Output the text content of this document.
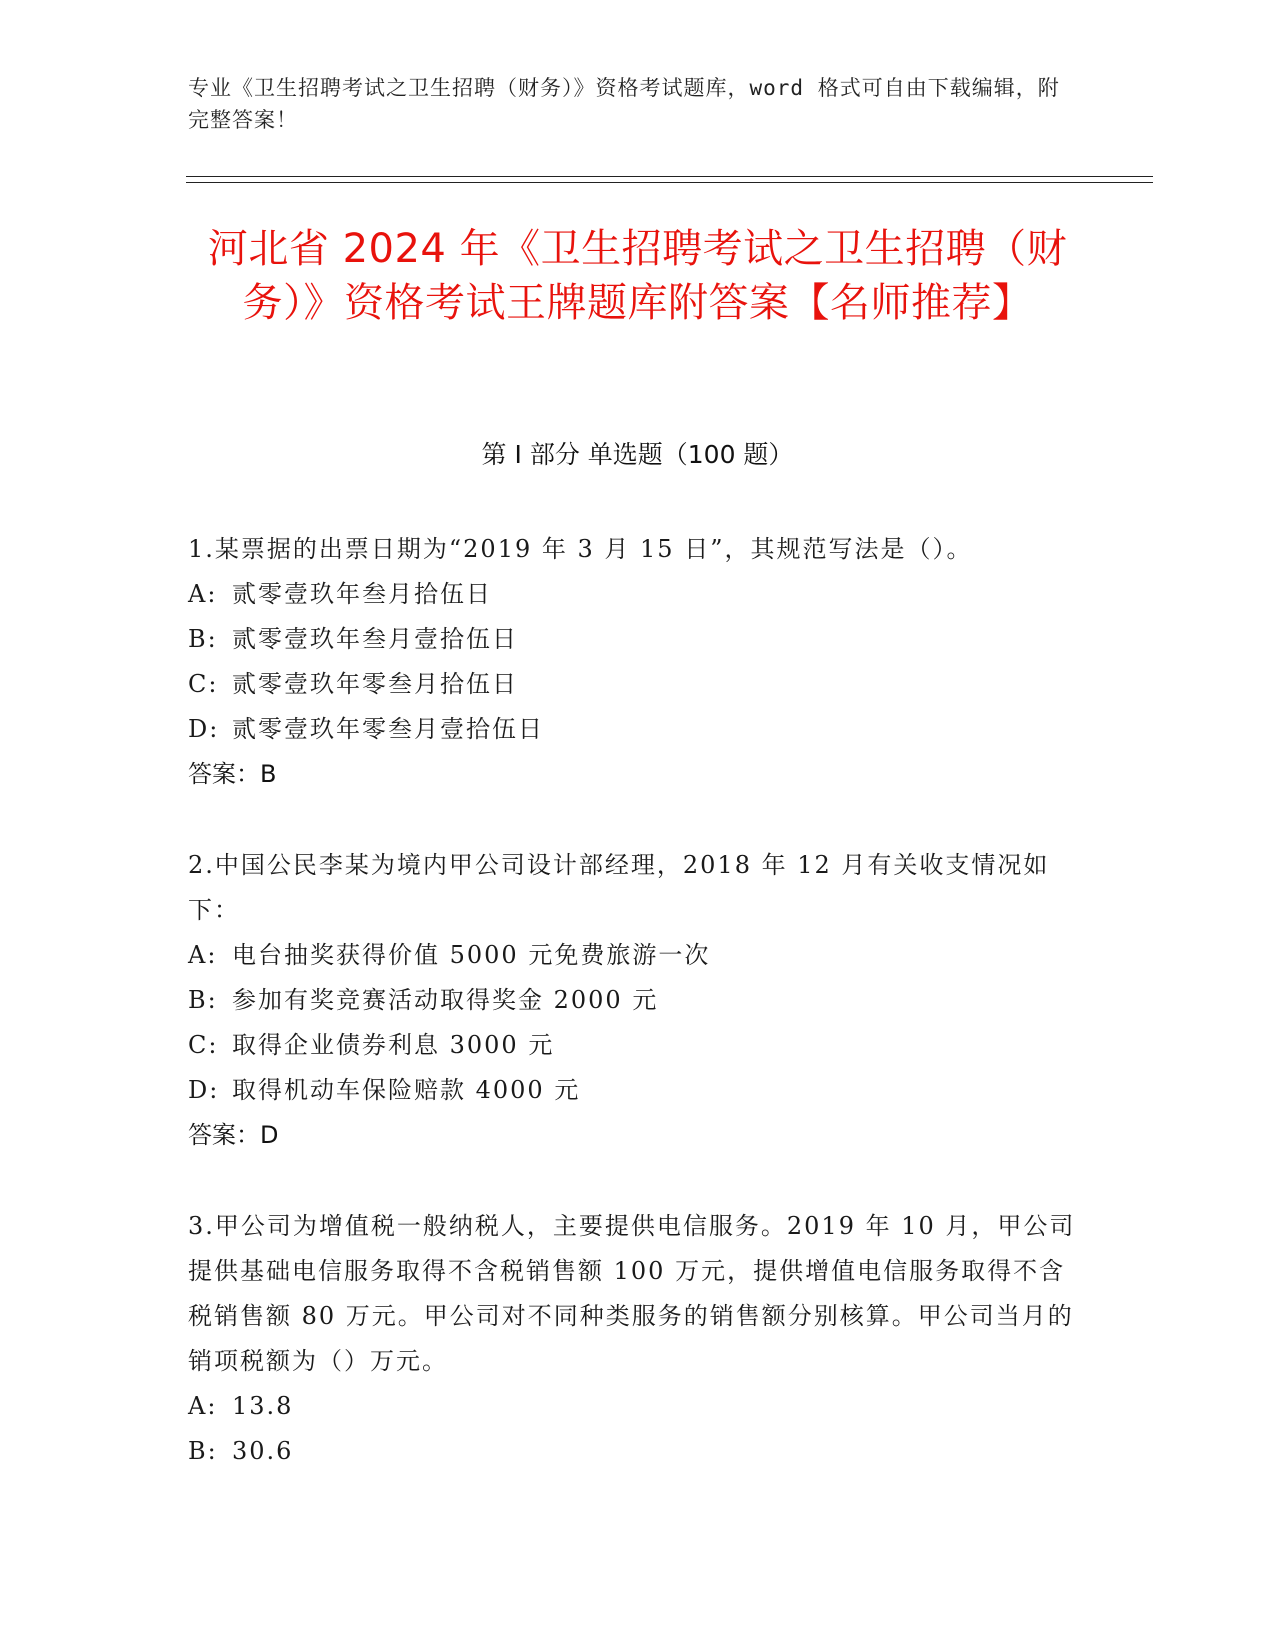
专业《卫生招聘考试之卫生招聘（财务）》资格考试题库，word 格式可自由下载编辑，附完整答案！
河北省 2024 年《卫生招聘考试之卫生招聘（财务）》资格考试王牌题库附答案【名师推荐】
第 I 部分 单选题（100 题）
1.某票据的出票日期为“2019 年 3 月 15 日”，其规范写法是（）。
A: 贰零壹玖年叁月拾伍日
B: 贰零壹玖年叁月壹拾伍日
C: 贰零壹玖年零叁月拾伍日
D: 贰零壹玖年零叁月壹拾伍日
答案：B
2.中国公民李某为境内甲公司设计部经理，2018 年 12 月有关收支情况如下：
A: 电台抽奖获得价值 5000 元免费旅游一次
B: 参加有奖竞赛活动取得奖金 2000 元
C: 取得企业债券利息 3000 元
D: 取得机动车保险赔款 4000 元
答案：D
3.甲公司为增值税一般纳税人，主要提供电信服务。2019 年 10 月，甲公司提供基础电信服务取得不含税销售额 100 万元，提供增值电信服务取得不含税销售额 80 万元。甲公司对不同种类服务的销售额分别核算。甲公司当月的销项税额为（）万元。
A: 13.8
B: 30.6
